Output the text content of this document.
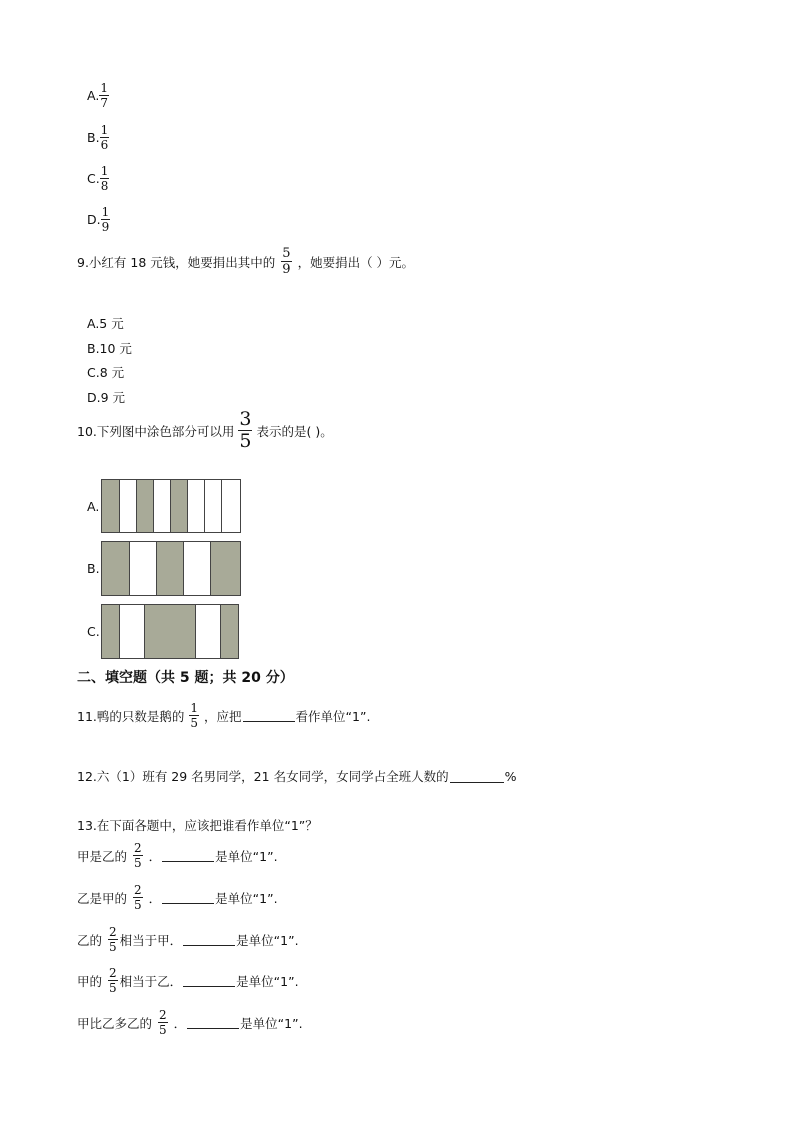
A. $\frac{1}{7}$
B. $\frac{1}{6}$
C. $\frac{1}{8}$
D. $\frac{1}{9}$
9.小红有 18 元钱，她要捐出其中的 $\frac{5}{9}$ ，她要捐出（ ）元。
A.5 元
B.10 元
C.8 元
D.9 元
10.下列图中涂色部分可以用 $\frac{3}{5}$ 表示的是( )。
A.
B.
C.
二、填空题（共 5 题；共 20 分）
11.鸭的只数是鹅的 $\frac{1}{5}$ ，应把	看作单位“1”.
12.六（1）班有 29 名男同学，21 名女同学，女同学占全班人数的	%
13.在下面各题中，应该把谁看作单位“1”？
甲是乙的 $\frac{2}{5}$ ．	是单位“1”.
乙是甲的 $\frac{2}{5}$ ．	是单位“1”.
乙的 $\frac{2}{5}$ 相当于甲．	是单位“1”.
甲的 $\frac{2}{5}$ 相当于乙．	是单位“1”.
甲比乙多乙的 $\frac{2}{5}$ ．	是单位“1”.
